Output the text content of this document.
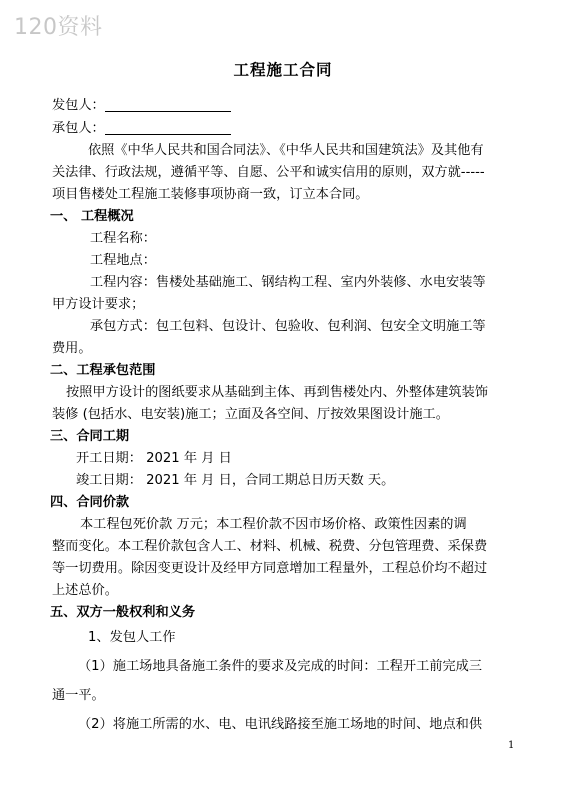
120资料
工程施工合同
发包人：
承包人：
依照《中华人民共和国合同法》、《中华人民共和国建筑法》及其他有
关法律、行政法规，遵循平等、自愿、公平和诚实信用的原则，双方就-----
项目售楼处工程施工装修事项协商一致，订立本合同。
一、 工程概况
工程名称：
工程地点：
工程内容：售楼处基础施工、钢结构工程、室内外装修、水电安装等
甲方设计要求；
承包方式：包工包料、包设计、包验收、包利润、包安全文明施工等
费用。
二、工程承包范围
按照甲方设计的图纸要求从基础到主体、再到售楼处内、外整体建筑装饰
装修 (包括水、电安装)施工；立面及各空间、厅按效果图设计施工。
三、合同工期
开工日期： 2021 年 月 日
竣工日期： 2021 年 月 日，合同工期总日历天数 天。
四、合同价款
本工程包死价款 万元；本工程价款不因市场价格、政策性因素的调
整而变化。本工程价款包含人工、材料、机械、税费、分包管理费、采保费
等一切费用。除因变更设计及经甲方同意增加工程量外，工程总价均不超过
上述总价。
五、双方一般权利和义务
1、发包人工作
（1）施工场地具备施工条件的要求及完成的时间：工程开工前完成三
通一平。
（2）将施工所需的水、电、电讯线路接至施工场地的时间、地点和供
1
